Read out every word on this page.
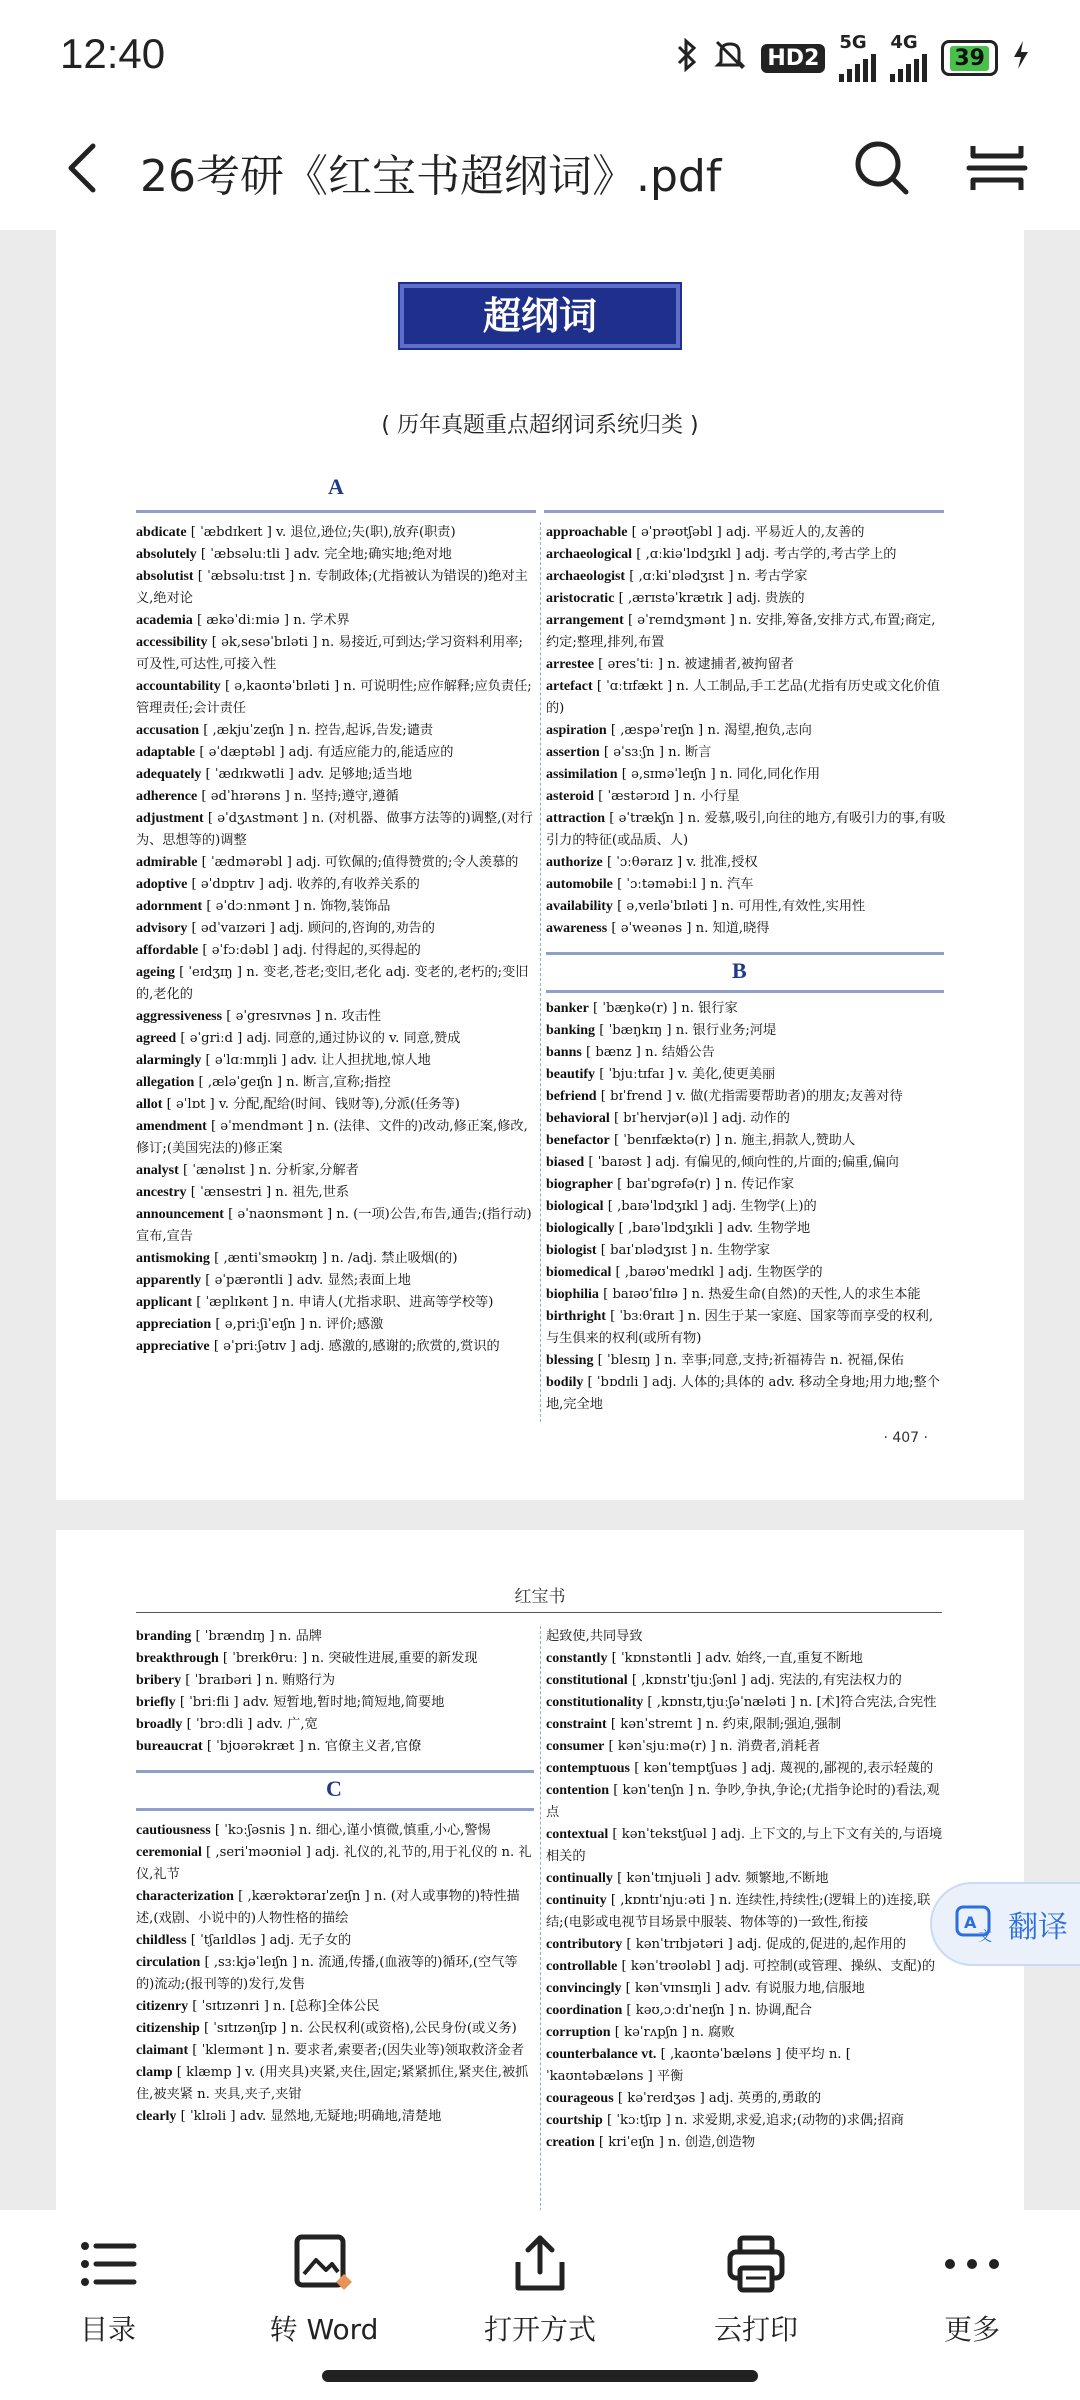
12:40	HD2
5G 4G
39
26考研《红宝书超纲词》.pdf
超纲词
( 历年真题重点超纲词系统归类 )
A

abdicate [ ˈæbdɪkeɪt ] v. 退位,逊位;失(职),放弃(职责)

absolutely [ ˈæbsəluːtli ] adv. 完全地;确实地;绝对地

absolutist [ ˈæbsəluːtɪst ] n. 专制政体;(尤指被认为错误的)绝对主义,绝对论

academia [ ækəˈdiːmiə ] n. 学术界

accessibility [ ək,sesəˈbɪləti ] n. 易接近,可到达;学习资料利用率;可及性,可达性,可接入性

accountability [ ə,kaʊntəˈbɪləti ] n. 可说明性;应作解释;应负责任;管理责任;会计责任

accusation [ ,ækjuˈzeɪʃn ] n. 控告,起诉,告发;谴责

adaptable [ əˈdæptəbl ] adj. 有适应能力的,能适应的

adequately [ ˈædɪkwətli ] adv. 足够地;适当地

adherence [ ədˈhɪərəns ] n. 坚持;遵守,遵循

adjustment [ əˈdʒʌstmənt ] n. (对机器、做事方法等的)调整,(对行为、思想等的)调整

admirable [ ˈædmərəbl ] adj. 可钦佩的;值得赞赏的;令人羡慕的

adoptive [ əˈdɒptɪv ] adj. 收养的,有收养关系的

adornment [ əˈdɔːnmənt ] n. 饰物,装饰品

advisory [ ədˈvaɪzəri ] adj. 顾问的,咨询的,劝告的

affordable [ əˈfɔːdəbl ] adj. 付得起的,买得起的

ageing [ ˈeɪdʒɪŋ ] n. 变老,苍老;变旧,老化 adj. 变老的,老朽的;变旧的,老化的

aggressiveness [ əˈgresɪvnəs ] n. 攻击性

agreed [ əˈgriːd ] adj. 同意的,通过协议的 v. 同意,赞成

alarmingly [ əˈlɑːmɪŋli ] adv. 让人担扰地,惊人地

allegation [ ,æləˈgeɪʃn ] n. 断言,宣称;指控

allot [ əˈlɒt ] v. 分配,配给(时间、钱财等),分派(任务等)

amendment [ əˈmendmənt ] n. (法律、文件的)改动,修正案,修改,修订;(美国宪法的)修正案

analyst [ ˈænəlɪst ] n. 分析家,分解者

ancestry [ ˈænsestri ] n. 祖先,世系

announcement [ əˈnaʊnsmənt ] n. (一项)公告,布告,通告;(指行动)宣布,宣告

antismoking [ ,æntiˈsməʊkɪŋ ] n. /adj. 禁止吸烟(的)

apparently [ əˈpærəntli ] adv. 显然;表面上地

applicant [ ˈæplɪkənt ] n. 申请人(尤指求职、进高等学校等)

appreciation [ ə,priːʃiˈeɪʃn ] n. 评价;感激

appreciative [ əˈpriːʃətɪv ] adj. 感激的,感谢的;欣赏的,赏识的

approachable [ əˈprəʊtʃəbl ] adj. 平易近人的,友善的

archaeological [ ,ɑːkiəˈlɒdʒɪkl ] adj. 考古学的,考古学上的

archaeologist [ ,ɑːkiˈɒlədʒɪst ] n. 考古学家

aristocratic [ ,ærɪstəˈkrætɪk ] adj. 贵族的

arrangement [ əˈreɪndʒmənt ] n. 安排,筹备,安排方式,布置;商定,约定;整理,排列,布置

arrestee [ əresˈtiː ] n. 被逮捕者,被拘留者

artefact [ ˈɑːtɪfækt ] n. 人工制品,手工艺品(尤指有历史或文化价值的)

aspiration [ ,æspəˈreɪʃn ] n. 渴望,抱负,志向

assertion [ əˈsɜːʃn ] n. 断言

assimilation [ ə,sɪməˈleɪʃn ] n. 同化,同化作用

asteroid [ ˈæstərɔɪd ] n. 小行星

attraction [ əˈtrækʃn ] n. 爱慕,吸引,向往的地方,有吸引力的事,有吸引力的特征(或品质、人)

authorize [ ˈɔːθəraɪz ] v. 批准,授权

automobile [ ˈɔːtəməbiːl ] n. 汽车

availability [ ə,veɪləˈbɪləti ] n. 可用性,有效性,实用性

awareness [ əˈweənəs ] n. 知道,晓得

B

banker [ ˈbæŋkə(r) ] n. 银行家

banking [ ˈbæŋkɪŋ ] n. 银行业务;河堤

banns [ bænz ] n. 结婚公告

beautify [ ˈbjuːtɪfaɪ ] v. 美化,使更美丽

befriend [ bɪˈfrend ] v. 做(尤指需要帮助者)的朋友;友善对待

behavioral [ bɪˈheɪvjər(ə)l ] adj. 动作的

benefactor [ ˈbenɪfæktə(r) ] n. 施主,捐款人,赞助人

biased [ ˈbaɪəst ] adj. 有偏见的,倾向性的,片面的;偏重,偏向

biographer [ baɪˈɒgrəfə(r) ] n. 传记作家

biological [ ,baɪəˈlɒdʒɪkl ] adj. 生物学(上)的

biologically [ ,baɪəˈlɒdʒɪkli ] adv. 生物学地

biologist [ baɪˈɒlədʒɪst ] n. 生物学家

biomedical [ ,baɪəʊˈmedɪkl ] adj. 生物医学的

biophilia [ baɪəʊˈfɪlɪə ] n. 热爱生命(自然)的天性,人的求生本能

birthright [ ˈbɜːθraɪt ] n. 因生于某一家庭、国家等而享受的权利,与生俱来的权利(或所有物)

blessing [ ˈblesɪŋ ] n. 幸事;同意,支持;祈福祷告 n. 祝福,保佑

bodily [ ˈbɒdɪli ] adj. 人体的;具体的 adv. 移动全身地;用力地;整个地,完全地

· 407 ·
红宝书

branding [ ˈbrændɪŋ ] n. 品牌

breakthrough [ ˈbreɪkθruː ] n. 突破性进展,重要的新发现

bribery [ ˈbraɪbəri ] n. 贿赂行为

briefly [ ˈbriːfli ] adv. 短暂地,暂时地;简短地,简要地

broadly [ ˈbrɔːdli ] adv. 广,宽

bureaucrat [ ˈbjʊərəkræt ] n. 官僚主义者,官僚

C

cautiousness [ ˈkɔːʃəsnis ] n. 细心,谨小慎微,慎重,小心,警惕

ceremonial [ ,seriˈməʊniəl ] adj. 礼仪的,礼节的,用于礼仪的 n. 礼仪,礼节

characterization [ ,kærəktəraɪˈzeɪʃn ] n. (对人或事物的)特性描述,(戏剧、小说中的)人物性格的描绘

childless [ ˈtʃaɪldləs ] adj. 无子女的

circulation [ ,sɜːkjəˈleɪʃn ] n. 流通,传播,(血液等的)循环,(空气等的)流动;(报刊等的)发行,发售

citizenry [ ˈsɪtɪzənri ] n. [总称]全体公民

citizenship [ ˈsɪtɪzənʃɪp ] n. 公民权利(或资格),公民身份(或义务)

claimant [ ˈkleɪmənt ] n. 要求者,索要者;(因失业等)领取救济金者

clamp [ klæmp ] v. (用夹具)夹紧,夹住,固定;紧紧抓住,紧夹住,被抓住,被夹紧 n. 夹具,夹子,夹钳

clearly [ ˈklɪəli ] adv. 显然地,无疑地;明确地,清楚地

起致使,共同导致

constantly [ ˈkɒnstəntli ] adv. 始终,一直,重复不断地

constitutional [ ,kɒnstɪˈtjuːʃənl ] adj. 宪法的,有宪法权力的

constitutionality [ ,kɒnstɪ,tjuːʃəˈnæləti ] n. [术]符合宪法,合宪性

constraint [ kənˈstreɪnt ] n. 约束,限制;强迫,强制

consumer [ kənˈsjuːmə(r) ] n. 消费者,消耗者

contemptuous [ kənˈtemptʃuəs ] adj. 蔑视的,鄙视的,表示轻蔑的

contention [ kənˈtenʃn ] n. 争吵,争执,争论;(尤指争论时的)看法,观点

contextual [ kənˈtekstʃuəl ] adj. 上下文的,与上下文有关的,与语境相关的

continually [ kənˈtɪnjuəli ] adv. 频繁地,不断地

continuity [ ,kɒntɪˈnjuːəti ] n. 连续性,持续性;(逻辑上的)连接,联结;(电影或电视节目场景中服装、物体等的)一致性,衔接

contributory [ kənˈtrɪbjətəri ] adj. 促成的,促进的,起作用的

controllable [ kənˈtrəʊləbl ] adj. 可控制(或管理、操纵、支配)的

convincingly [ kənˈvɪnsɪŋli ] adv. 有说服力地,信服地

coordination [ kəʊ,ɔːdɪˈneɪʃn ] n. 协调,配合

corruption [ kəˈrʌpʃn ] n. 腐败

counterbalance vt. [ ,kaʊntəˈbæləns ] 使平均 n. [ ˈkaʊntəbæləns ] 平衡

courageous [ kəˈreɪdʒəs ] adj. 英勇的,勇敢的

courtship [ ˈkɔːtʃɪp ] n. 求爱期,求爱,追求;(动物的)求偶;招商

creation [ kriˈeɪʃn ] n. 创造,创造物

A
文 翻译
目录	转 Word	打开方式	云打印	更多
